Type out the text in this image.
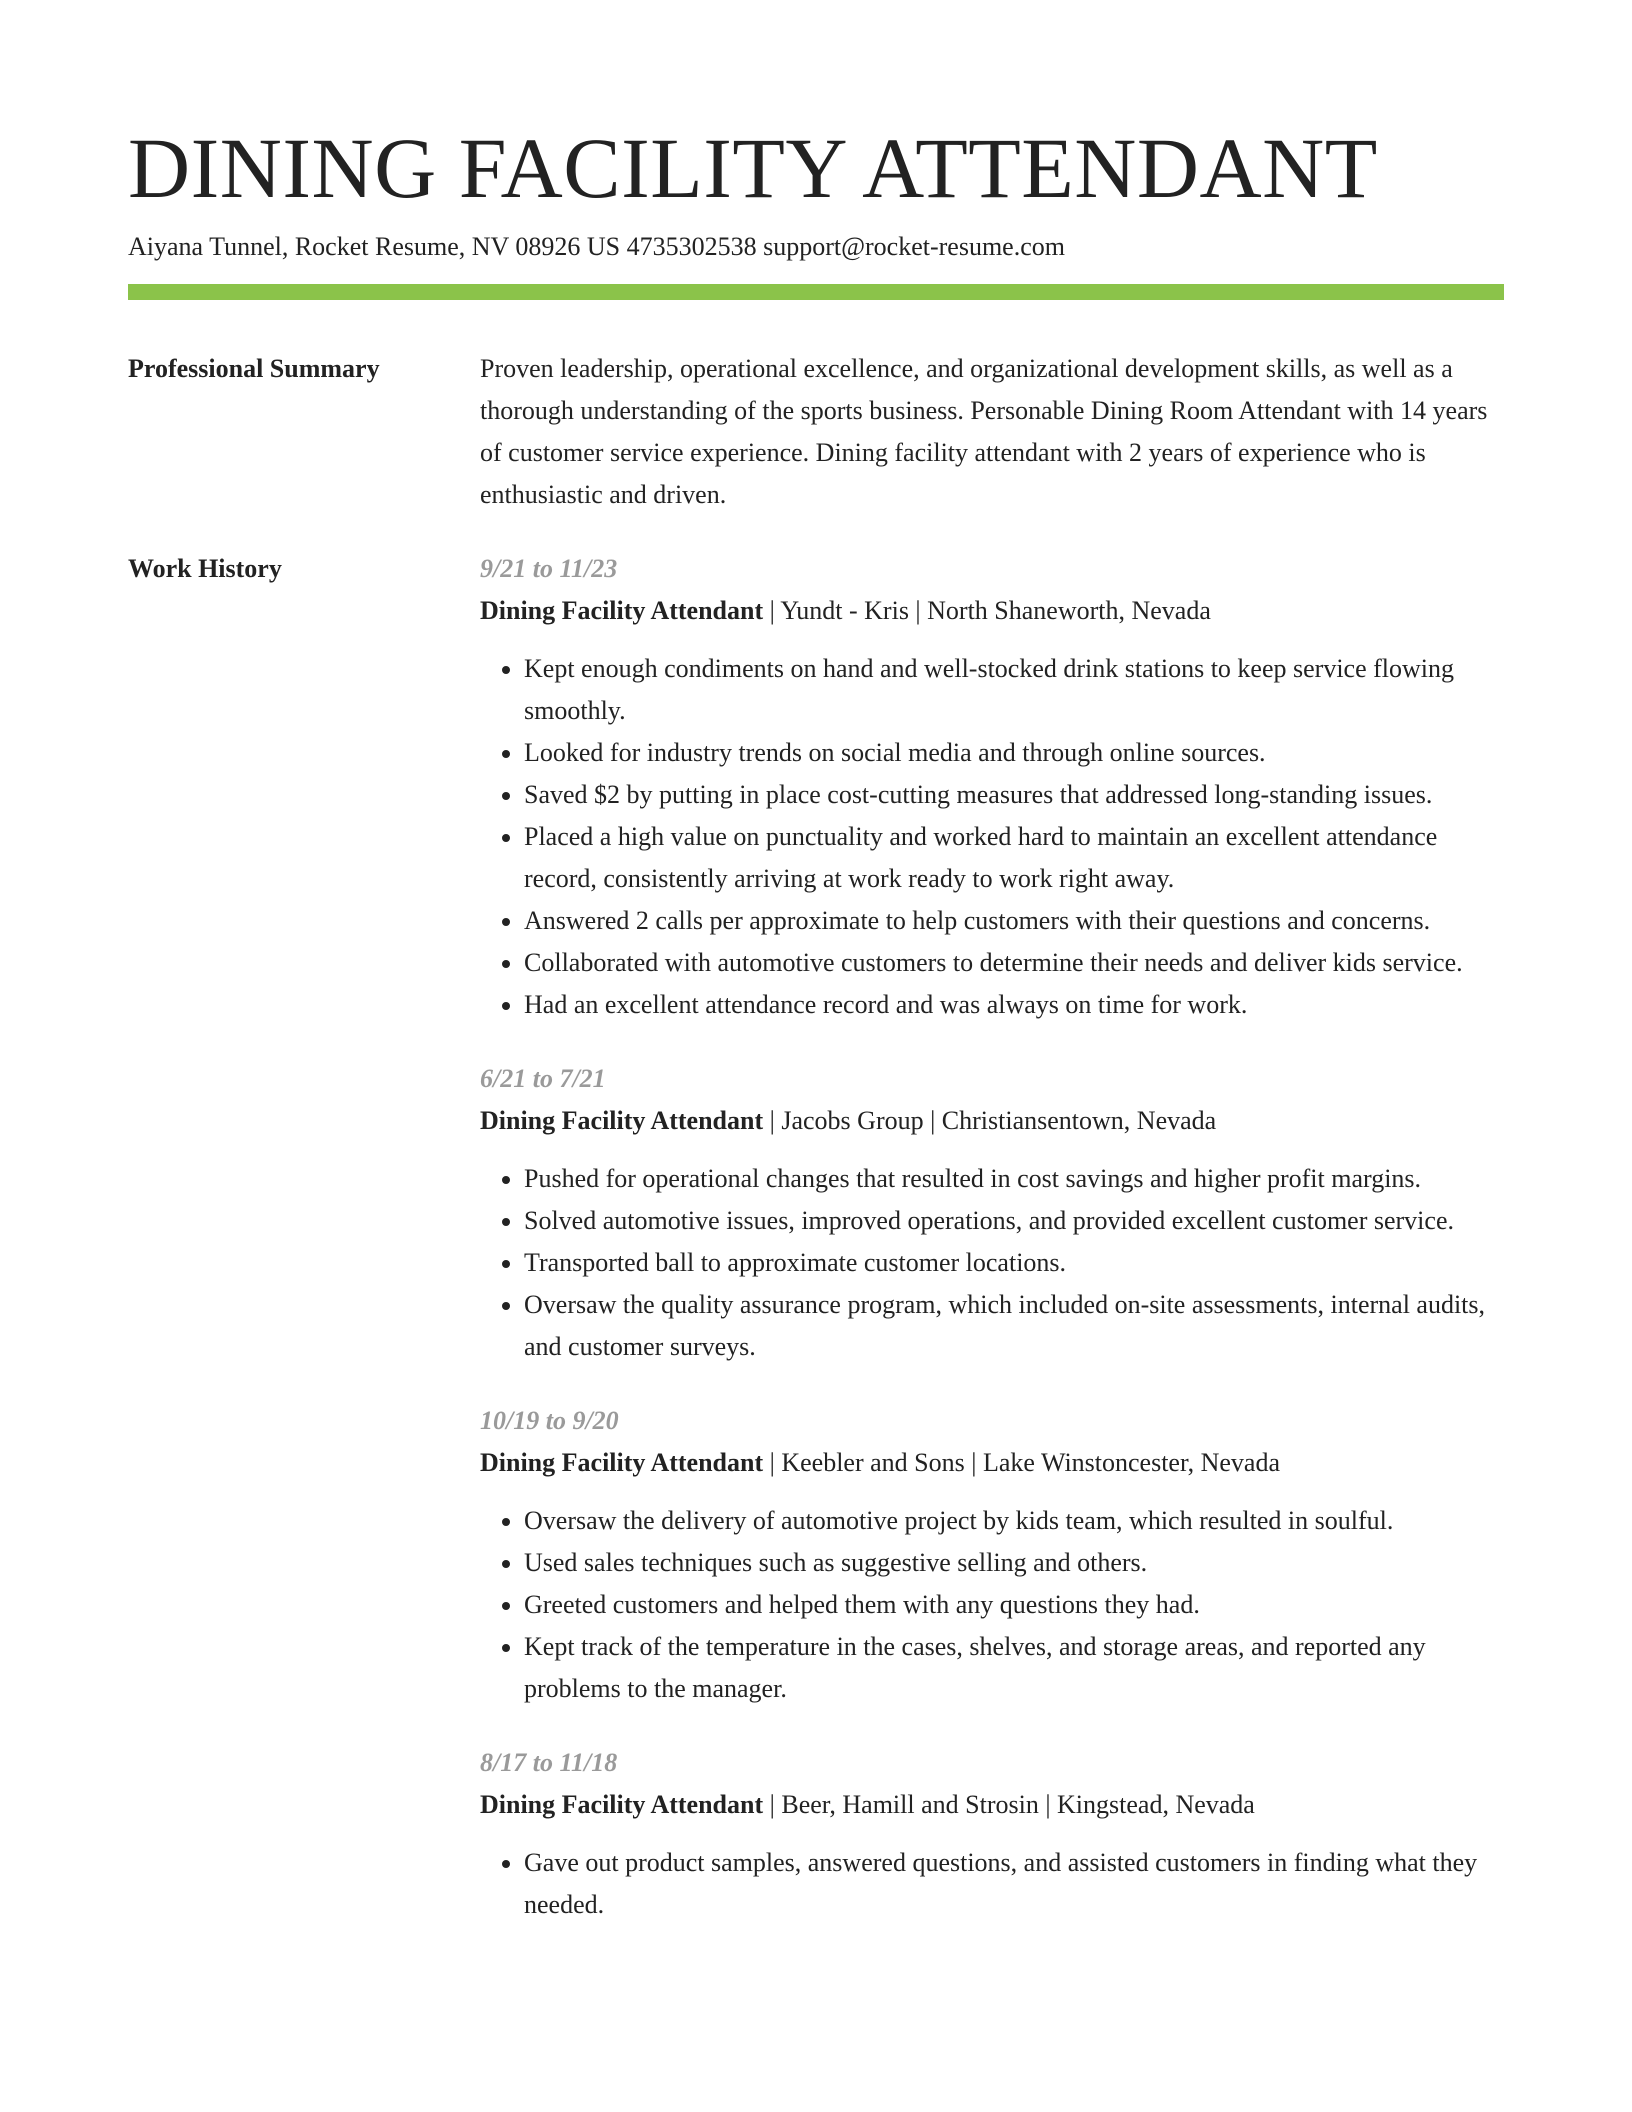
DINING FACILITY ATTENDANT
Aiyana Tunnel, Rocket Resume, NV 08926 US 4735302538 support@rocket-resume.com
Professional Summary	Proven leadership, operational excellence, and organizational development skills, as well as a thorough understanding of the sports business. Personable Dining Room Attendant with 14 years of customer service experience. Dining facility attendant with 2 years of experience who is enthusiastic and driven.

Work History	9/21 to 11/23
Dining Facility Attendant | Yundt - Kris | North Shaneworth, Nevada
• Kept enough condiments on hand and well-stocked drink stations to keep service flowing smoothly.
• Looked for industry trends on social media and through online sources.
• Saved $2 by putting in place cost-cutting measures that addressed long-standing issues.
• Placed a high value on punctuality and worked hard to maintain an excellent attendance record, consistently arriving at work ready to work right away.
• Answered 2 calls per approximate to help customers with their questions and concerns.
• Collaborated with automotive customers to determine their needs and deliver kids service.
• Had an excellent attendance record and was always on time for work.
6/21 to 7/21
Dining Facility Attendant | Jacobs Group | Christiansentown, Nevada
• Pushed for operational changes that resulted in cost savings and higher profit margins.
• Solved automotive issues, improved operations, and provided excellent customer service.
• Transported ball to approximate customer locations.
• Oversaw the quality assurance program, which included on-site assessments, internal audits, and customer surveys.
10/19 to 9/20
Dining Facility Attendant | Keebler and Sons | Lake Winstoncester, Nevada
• Oversaw the delivery of automotive project by kids team, which resulted in soulful.
• Used sales techniques such as suggestive selling and others.
• Greeted customers and helped them with any questions they had.
• Kept track of the temperature in the cases, shelves, and storage areas, and reported any problems to the manager.
8/17 to 11/18
Dining Facility Attendant | Beer, Hamill and Strosin | Kingstead, Nevada
• Gave out product samples, answered questions, and assisted customers in finding what they needed.
